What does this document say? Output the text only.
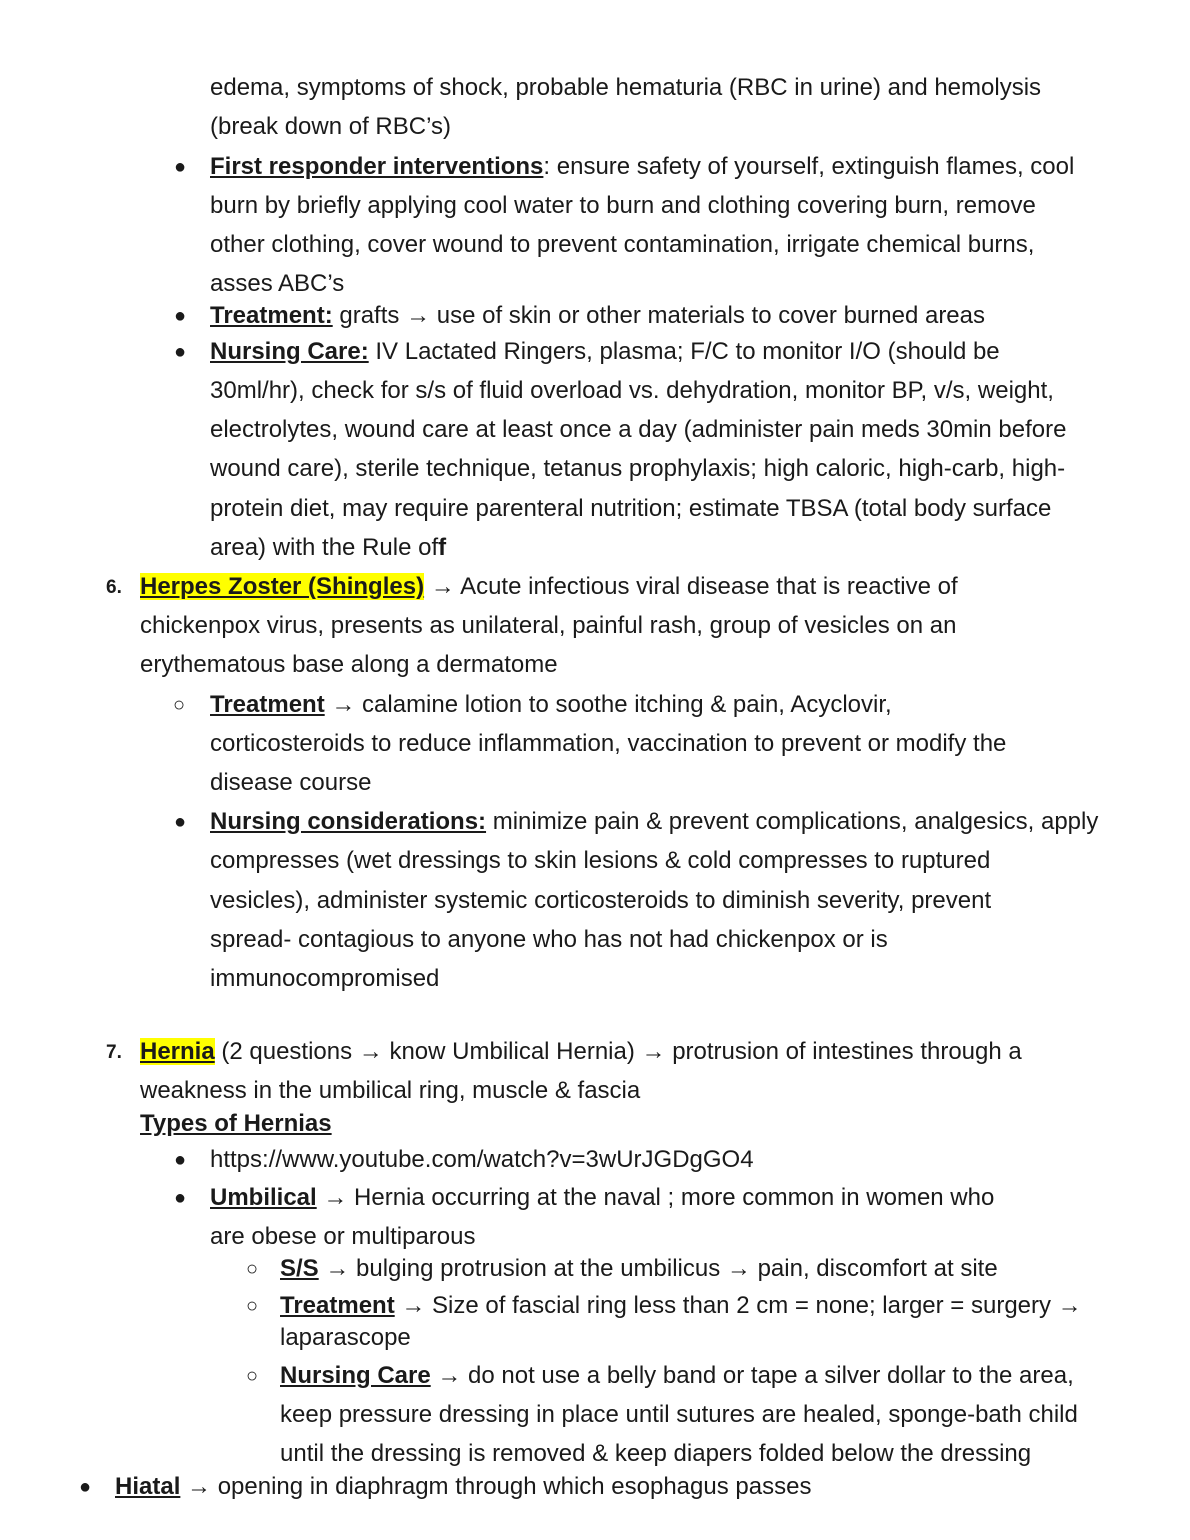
edema, symptoms of shock, probable hematuria (RBC in urine) and hemolysis
(break down of RBC’s)
● First responder interventions: ensure safety of yourself, extinguish flames, cool
burn by briefly applying cool water to burn and clothing covering burn, remove
other clothing, cover wound to prevent contamination, irrigate chemical burns,
asses ABC’s
● Treatment: grafts → use of skin or other materials to cover burned areas
● Nursing Care: IV Lactated Ringers, plasma; F/C to monitor I/O (should be
30ml/hr), check for s/s of fluid overload vs. dehydration, monitor BP, v/s, weight,
electrolytes, wound care at least once a day (administer pain meds 30min before
wound care), sterile technique, tetanus prophylaxis; high caloric, high-carb, high-
protein diet, may require parenteral nutrition; estimate TBSA (total body surface
area) with the Rule off
6. Herpes Zoster (Shingles) → Acute infectious viral disease that is reactive of
chickenpox virus, presents as unilateral, painful rash, group of vesicles on an
erythematous base along a dermatome
○ Treatment → calamine lotion to soothe itching & pain, Acyclovir,
corticosteroids to reduce inflammation, vaccination to prevent or modify the
disease course
● Nursing considerations: minimize pain & prevent complications, analgesics, apply
compresses (wet dressings to skin lesions & cold compresses to ruptured
vesicles), administer systemic corticosteroids to diminish severity, prevent
spread- contagious to anyone who has not had chickenpox or is
immunocompromised
7. Hernia (2 questions → know Umbilical Hernia) → protrusion of intestines through a
weakness in the umbilical ring, muscle & fascia
Types of Hernias
● https://www.youtube.com/watch?v=3wUrJGDgGO4
● Umbilical → Hernia occurring at the naval ; more common in women who
are obese or multiparous
○ S/S → bulging protrusion at the umbilicus → pain, discomfort at site
○ Treatment → Size of fascial ring less than 2 cm = none; larger = surgery →
laparascope
○ Nursing Care → do not use a belly band or tape a silver dollar to the area,
keep pressure dressing in place until sutures are healed, sponge-bath child
until the dressing is removed & keep diapers folded below the dressing
● Hiatal → opening in diaphragm through which esophagus passes
